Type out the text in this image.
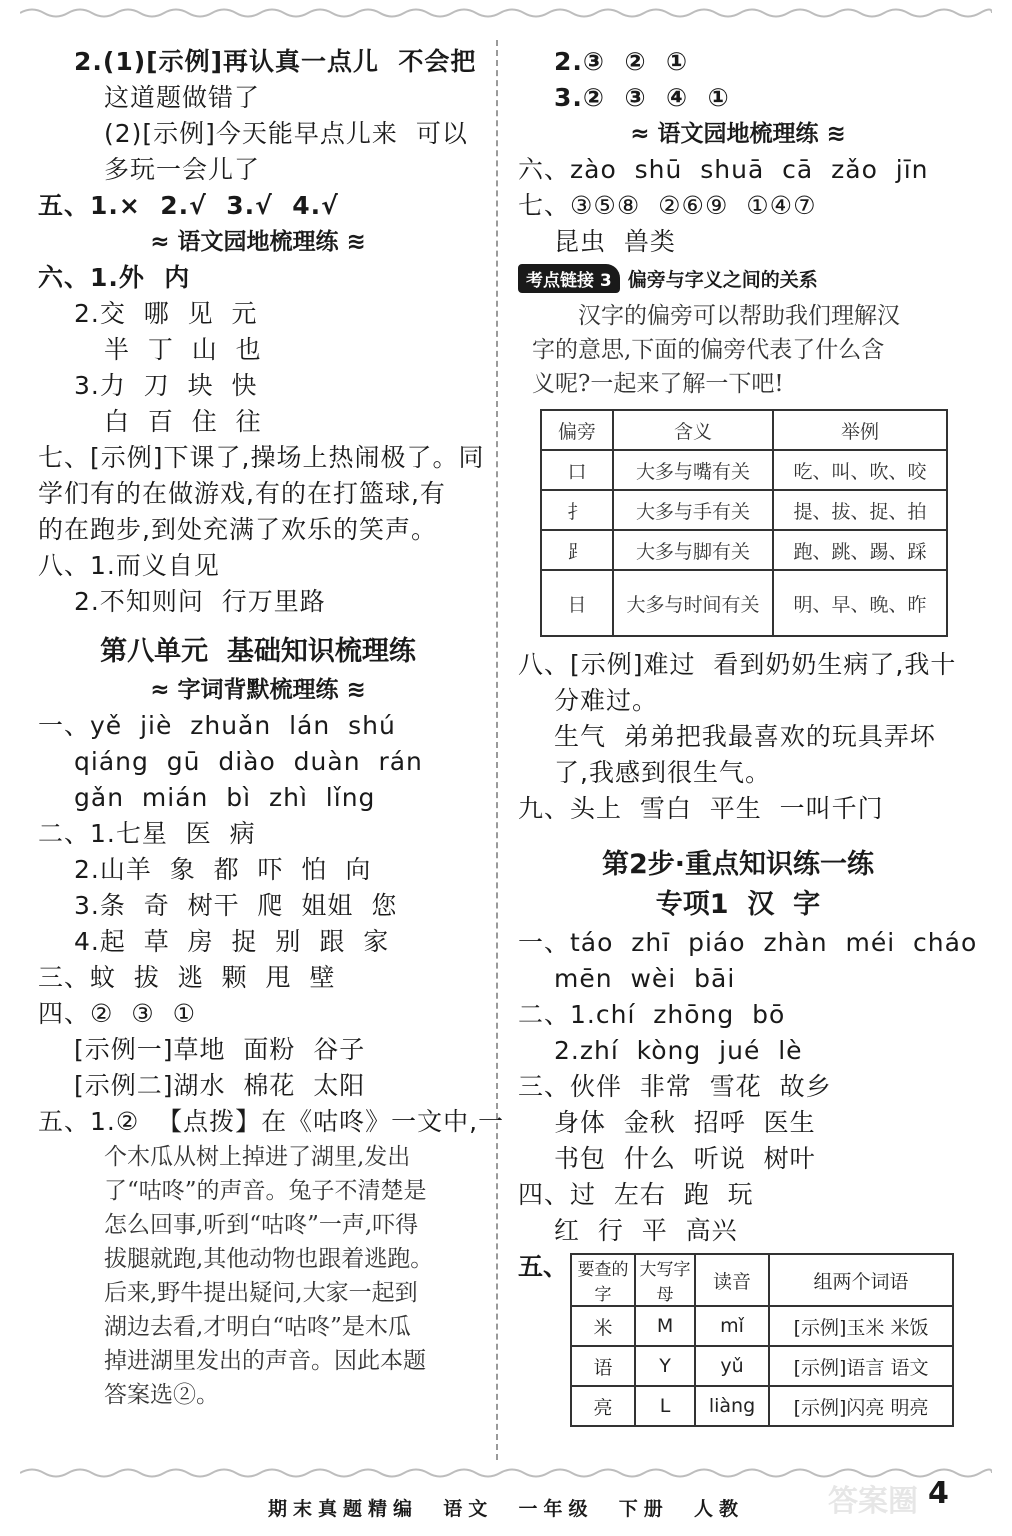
2.(1)[示例]再认真一点儿  不会把
这道题做错了
(2)[示例]今天能早点儿来  可以
多玩一会儿了
五、1.×  2.√  3.√  4.√
≈ 语文园地梳理练 ≋
六、1.外  内
2.交  哪  见  元
半  丁  山  也
3.力  刀  块  快
白  百  住  往
七、[示例]下课了,操场上热闹极了。同
学们有的在做游戏,有的在打篮球,有
的在跑步,到处充满了欢乐的笑声。
八、1.而义自见
2.不知则问  行万里路
第八单元  基础知识梳理练
≈ 字词背默梳理练 ≋
一、yě  jiè  zhuǎn  lán  shú
qiáng  gū  diào  duàn  rán
gǎn  mián  bì  zhì  lǐng
二、1.七星  医  病
2.山羊  象  都  吓  怕  向
3.条  奇  树干  爬  姐姐  您
4.起  草  房  捉  别  跟  家
三、蚊  拔  逃  颗  甩  壁
四、②  ③  ①
[示例一]草地  面粉  谷子
[示例二]湖水  棉花  太阳
五、1.②  【点拨】在《咕咚》一文中,一
个木瓜从树上掉进了湖里,发出
了“咕咚”的声音。兔子不清楚是
怎么回事,听到“咕咚”一声,吓得
拔腿就跑,其他动物也跟着逃跑。
后来,野牛提出疑问,大家一起到
湖边去看,才明白“咕咚”是木瓜
掉进湖里发出的声音。因此本题
答案选②。
2.③  ②  ①
3.②  ③  ④  ①
≈ 语文园地梳理练 ≋
六、zào  shū  shuā  cā  zǎo  jīn
七、③⑤⑧  ②⑥⑨  ①④⑦
昆虫  兽类
考点链接 3 偏旁与字义之间的关系
汉字的偏旁可以帮助我们理解汉
字的意思,下面的偏旁代表了什么含
义呢?一起来了解一下吧!
偏旁	含义	举例
口	大多与嘴有关	吃、叫、吹、咬
扌	大多与手有关	提、拔、捉、拍
⻊	大多与脚有关	跑、跳、踢、踩
日	大多与时间有关	明、早、晚、昨
八、[示例]难过  看到奶奶生病了,我十
分难过。
生气  弟弟把我最喜欢的玩具弄坏
了,我感到很生气。
九、头上  雪白  平生  一叫千门
第2步·重点知识练一练
专项1  汉  字
一、táo  zhī  piáo  zhàn  méi  cháo
mēn  wèi  bāi
二、1.chí  zhōng  bō
2.zhí  kòng  jué  lè
三、伙伴  非常  雪花  故乡
身体  金秋  招呼  医生
书包  什么  听说  树叶
四、过  左右  跑  玩
红  行  平  高兴
五、 要查的字	大写字母	读音	组两个词语
米	M	mǐ	[示例]玉米 米饭
语	Y	yǔ	[示例]语言 语文
亮	L	liàng	[示例]闪亮 明亮
答案圈
期末真题精编  语文  一年级  下册  人教	4
